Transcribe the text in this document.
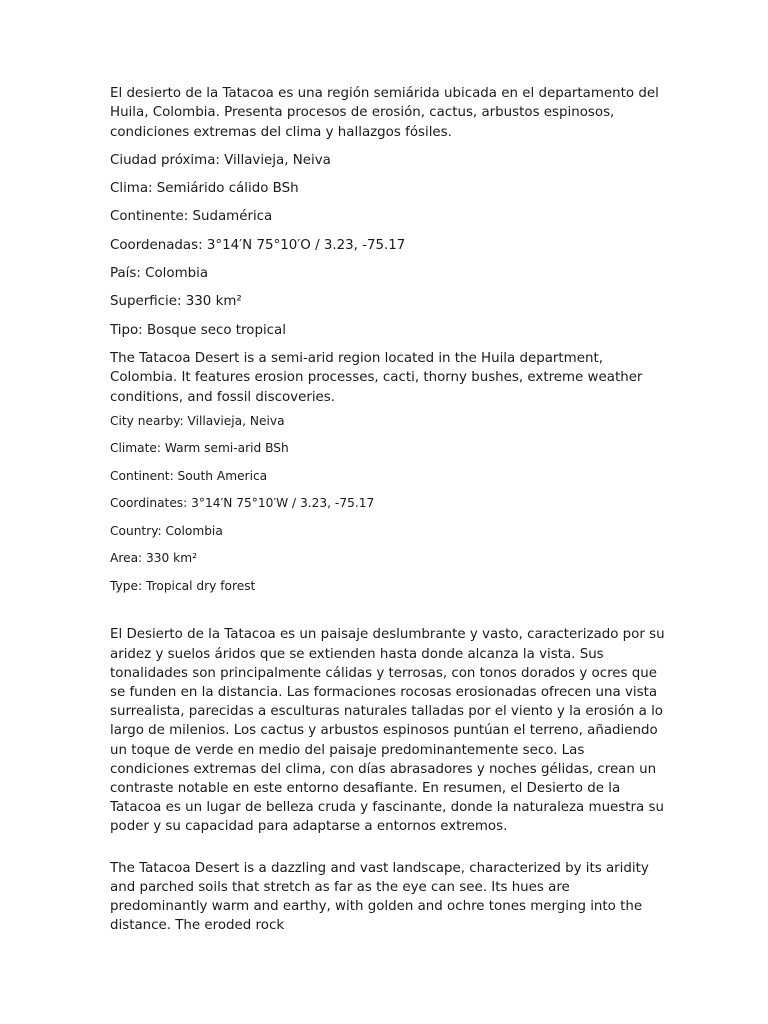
El desierto de la Tatacoa es una región semiárida ubicada en el departamento del Huila, Colombia. Presenta procesos de erosión, cactus, arbustos espinosos, condiciones extremas del clima y hallazgos fósiles.

Ciudad próxima: Villavieja, Neiva

Clima: Semiárido cálido BSh

Continente: Sudamérica

Coordenadas: 3°14′N 75°10′O / 3.23, -75.17

País: Colombia

Superficie: 330 km²

Tipo: Bosque seco tropical

The Tatacoa Desert is a semi-arid region located in the Huila department, Colombia. It features erosion processes, cacti, thorny bushes, extreme weather conditions, and fossil discoveries.

City nearby: Villavieja, Neiva

Climate: Warm semi-arid BSh

Continent: South America

Coordinates: 3°14′N 75°10′W / 3.23, -75.17

Country: Colombia

Area: 330 km²

Type: Tropical dry forest

El Desierto de la Tatacoa es un paisaje deslumbrante y vasto, caracterizado por su aridez y suelos áridos que se extienden hasta donde alcanza la vista. Sus tonalidades son principalmente cálidas y terrosas, con tonos dorados y ocres que se funden en la distancia. Las formaciones rocosas erosionadas ofrecen una vista surrealista, parecidas a esculturas naturales talladas por el viento y la erosión a lo largo de milenios. Los cactus y arbustos espinosos puntúan el terreno, añadiendo un toque de verde en medio del paisaje predominantemente seco. Las condiciones extremas del clima, con días abrasadores y noches gélidas, crean un contraste notable en este entorno desafiante. En resumen, el Desierto de la Tatacoa es un lugar de belleza cruda y fascinante, donde la naturaleza muestra su poder y su capacidad para adaptarse a entornos extremos.

The Tatacoa Desert is a dazzling and vast landscape, characterized by its aridity and parched soils that stretch as far as the eye can see. Its hues are predominantly warm and earthy, with golden and ochre tones merging into the distance. The eroded rock
